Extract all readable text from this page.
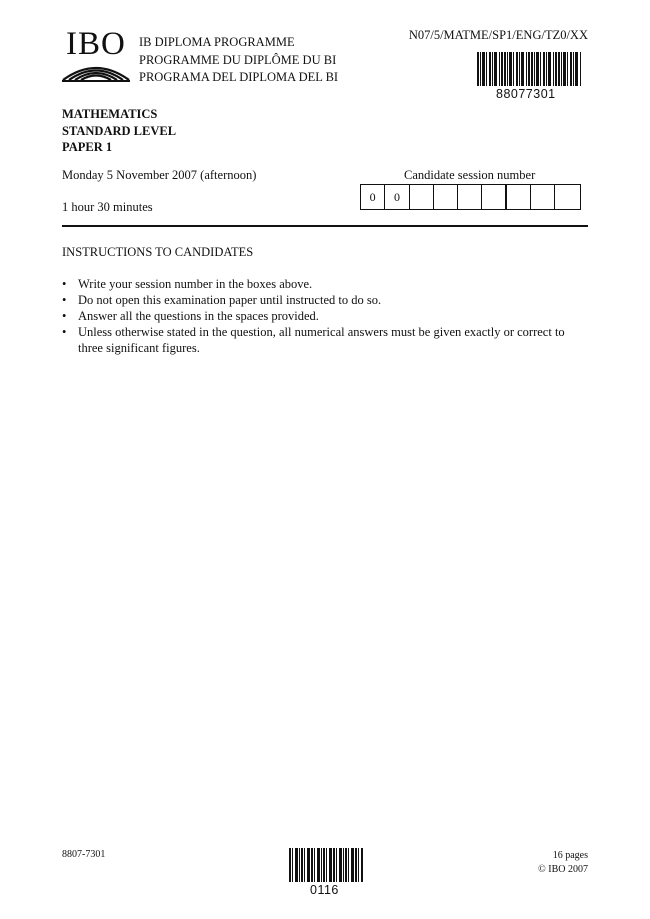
IBO IB DIPLOMA PROGRAMME
PROGRAMME DU DIPLÔME DU BI
PROGRAMA DEL DIPLOMA DEL BI
N07/5/MATME/SP1/ENG/TZ0/XX
88077301
MATHEMATICS
STANDARD LEVEL
PAPER 1
Monday 5 November 2007 (afternoon)
1 hour 30 minutes
Candidate session number
0	0
INSTRUCTIONS TO CANDIDATES
• Write your session number in the boxes above.
• Do not open this examination paper until instructed to do so.
• Answer all the questions in the spaces provided.
• Unless otherwise stated in the question, all numerical answers must be given exactly or correct to three significant figures.
8807-7301	16 pages
© IBO 2007
0116
